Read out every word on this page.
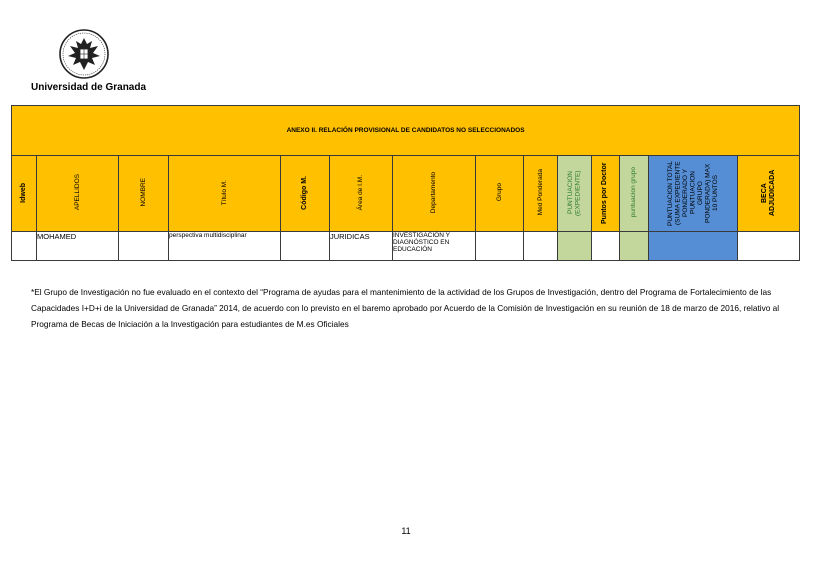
Universidad de Granada
ANEXO II. RELACIÓN PROVISIONAL DE CANDIDATOS NO SELECCIONADOS													
Idweb	APELLIDOS	NOMBRE	Título M.	Código M.	Área de I.M.	Departamento	Grupo	Med Ponderada	PUNTUACION (EXPEDIENTE)	Puntos por Doctor	puntuacion grupo	PUNTUACION TOTAL (SUMA EXPEDIENTE PONDERADO Y PUNTUACION GRUPO PONDERADA) MAX 10 PUNTOS	BECA ADJUDICADA
	MOHAMED		perspectiva multidisciplinar		JURIDICAS	INVESTIGACIÓN Y DIAGNÓSTICO EN EDUCACIÓN							
*El Grupo de Investigación no fue evaluado en el contexto del “Programa de ayudas para el mantenimiento de la actividad de los Grupos de Investigación, dentro del Programa de Fortalecimiento de las Capacidades I+D+i de la Universidad de Granada” 2014, de acuerdo con lo previsto en el baremo aprobado por Acuerdo de la Comisión de Investigación en su reunión de 18 de marzo de 2016, relativo al Programa de Becas de Iniciación a la Investigación para estudiantes de M.es Oficiales
11
